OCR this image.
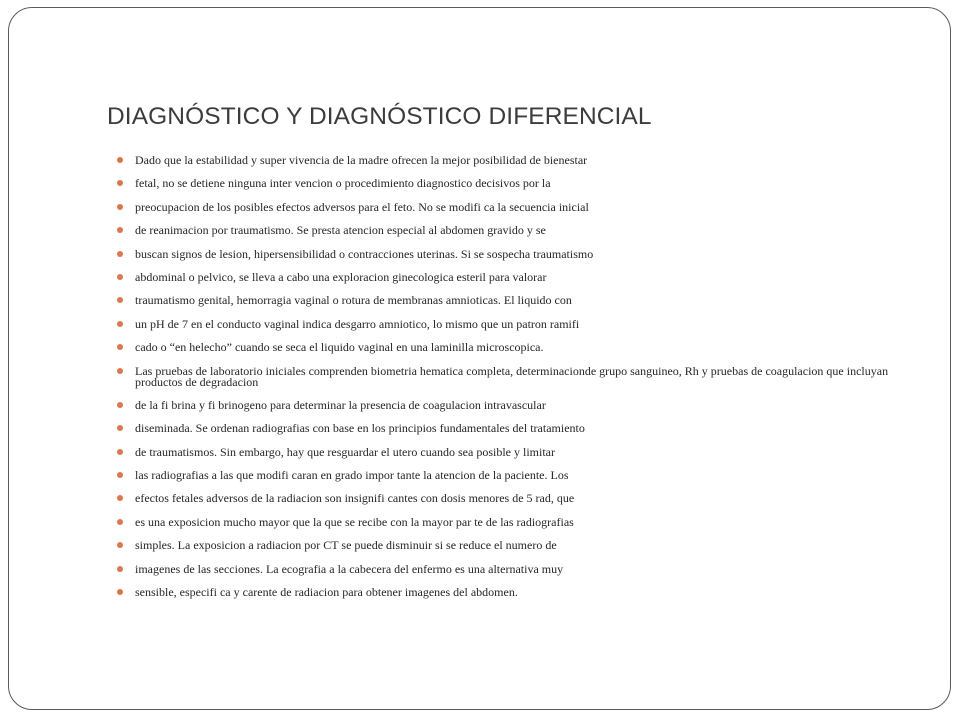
DIAGNÓSTICO Y DIAGNÓSTICO DIFERENCIAL
Dado que la estabilidad y super vivencia de la madre ofrecen la mejor posibilidad de bienestar
fetal, no se detiene ninguna inter vencion o procedimiento diagnostico decisivos por la
preocupacion de los posibles efectos adversos para el feto. No se modifi ca la secuencia inicial
de reanimacion por traumatismo. Se presta atencion especial al abdomen gravido y se
buscan signos de lesion, hipersensibilidad o contracciones uterinas. Si se sospecha traumatismo
abdominal o pelvico, se lleva a cabo una exploracion ginecologica esteril para valorar
traumatismo genital, hemorragia vaginal o rotura de membranas amnioticas. El liquido con
un pH de 7 en el conducto vaginal indica desgarro amniotico, lo mismo que un patron ramifi
cado o “en helecho” cuando se seca el liquido vaginal en una laminilla microscopica.
Las pruebas de laboratorio iniciales comprenden biometria hematica completa, determinacionde grupo sanguineo, Rh y pruebas de coagulacion que incluyan productos de degradacion
de la fi brina y fi brinogeno para determinar la presencia de coagulacion intravascular
diseminada. Se ordenan radiografias con base en los principios fundamentales del tratamiento
de traumatismos. Sin embargo, hay que resguardar el utero cuando sea posible y limitar
las radiografias a las que modifi caran en grado impor tante la atencion de la paciente. Los
efectos fetales adversos de la radiacion son insignifi cantes con dosis menores de 5 rad, que
es una exposicion mucho mayor que la que se recibe con la mayor par te de las radiografias
simples. La exposicion a radiacion por CT se puede disminuir si se reduce el numero de
imagenes de las secciones. La ecografia a la cabecera del enfermo es una alternativa muy
sensible, especifi ca y carente de radiacion para obtener imagenes del abdomen.
